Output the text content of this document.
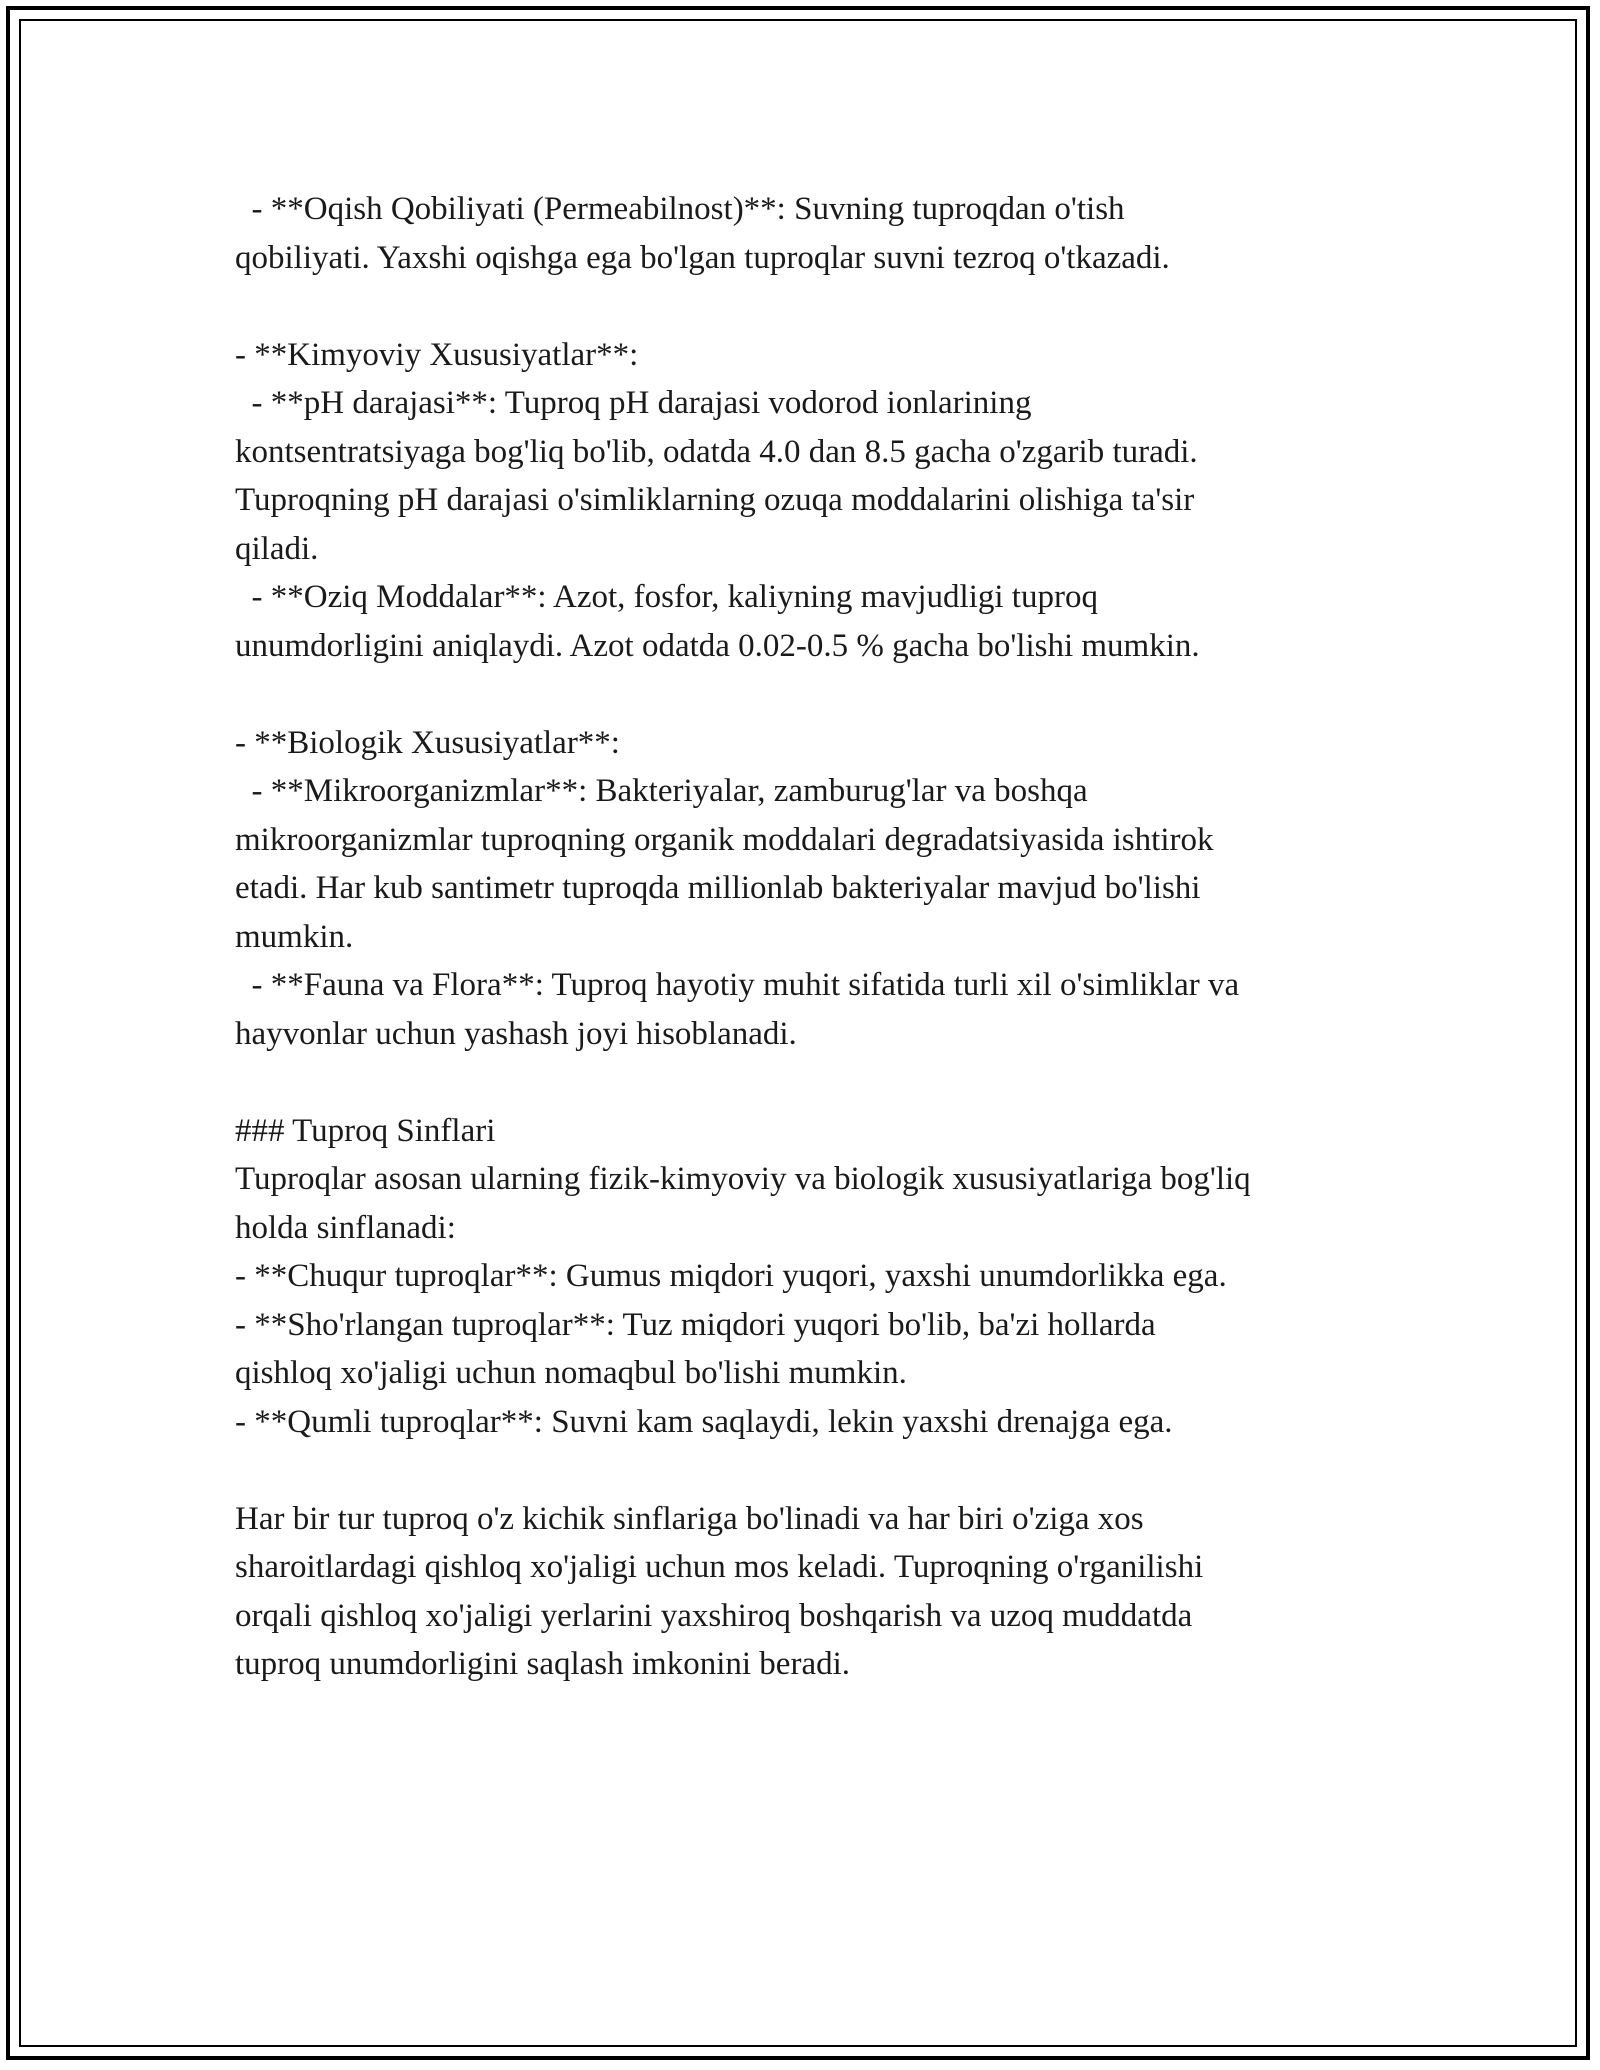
- **Oqish Qobiliyati (Permeabilnost)**: Suvning tuproqdan o'tish
qobiliyati. Yaxshi oqishga ega bo'lgan tuproqlar suvni tezroq o'tkazadi.
- **Kimyoviy Xususiyatlar**:
- **pH darajasi**: Tuproq pH darajasi vodorod ionlarining
kontsentratsiyaga bog'liq bo'lib, odatda 4.0 dan 8.5 gacha o'zgarib turadi.
Tuproqning pH darajasi o'simliklarning ozuqa moddalarini olishiga ta'sir
qiladi.
- **Oziq Moddalar**: Azot, fosfor, kaliyning mavjudligi tuproq
unumdorligini aniqlaydi. Azot odatda 0.02-0.5 % gacha bo'lishi mumkin.
- **Biologik Xususiyatlar**:
- **Mikroorganizmlar**: Bakteriyalar, zamburug'lar va boshqa
mikroorganizmlar tuproqning organik moddalari degradatsiyasida ishtirok
etadi. Har kub santimetr tuproqda millionlab bakteriyalar mavjud bo'lishi
mumkin.
- **Fauna va Flora**: Tuproq hayotiy muhit sifatida turli xil o'simliklar va
hayvonlar uchun yashash joyi hisoblanadi.
### Tuproq Sinflari
Tuproqlar asosan ularning fizik-kimyoviy va biologik xususiyatlariga bog'liq
holda sinflanadi:
- **Chuqur tuproqlar**: Gumus miqdori yuqori, yaxshi unumdorlikka ega.
- **Sho'rlangan tuproqlar**: Tuz miqdori yuqori bo'lib, ba'zi hollarda
qishloq xo'jaligi uchun nomaqbul bo'lishi mumkin.
- **Qumli tuproqlar**: Suvni kam saqlaydi, lekin yaxshi drenajga ega.
Har bir tur tuproq o'z kichik sinflariga bo'linadi va har biri o'ziga xos
sharoitlardagi qishloq xo'jaligi uchun mos keladi. Tuproqning o'rganilishi
orqali qishloq xo'jaligi yerlarini yaxshiroq boshqarish va uzoq muddatda
tuproq unumdorligini saqlash imkonini beradi.
